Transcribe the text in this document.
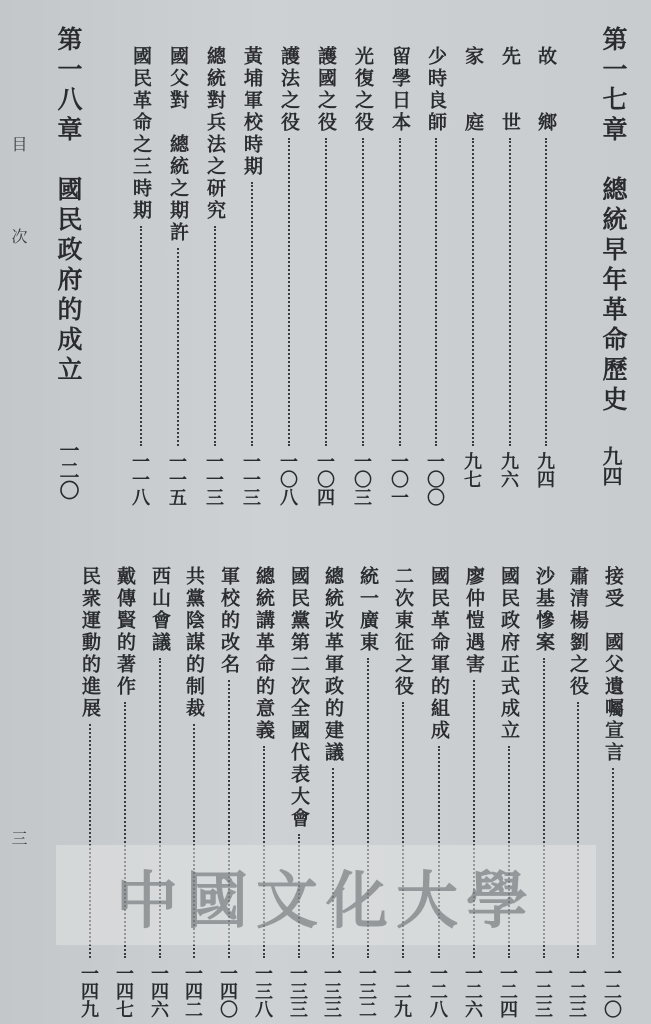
第一七章　總統早年革命歷史
九四
故　　鄉
九四
先　　世
九六
家　　庭
九七
少時良師
一〇〇
留學日本
一〇一
光復之役
一〇三
護國之役
一〇四
護法之役
一〇八
黃埔軍校時期
一一三
總統對兵法之研究
一一三
國父對　總統之期許
一一五
國民革命之三時期
一一八
第一八章　國民政府的成立
一二〇
接受　國父遺囑宣言
一二〇
肅清楊劉之役
一二三
沙基慘案
一二三
國民政府正式成立
一二四
廖仲愷遇害
一二六
國民革命軍的組成
一二八
二次東征之役
一二九
統一廣東
一三二
總統改革軍政的建議
一三三
國民黨第二次全國代表大會
一三三
總統講革命的意義
一三八
軍校的改名
一四〇
共黨陰謀的制裁
一四二
西山會議
一四六
戴傳賢的著作
一四七
民衆運動的進展
一四九
目
次
三
中國文化大學
